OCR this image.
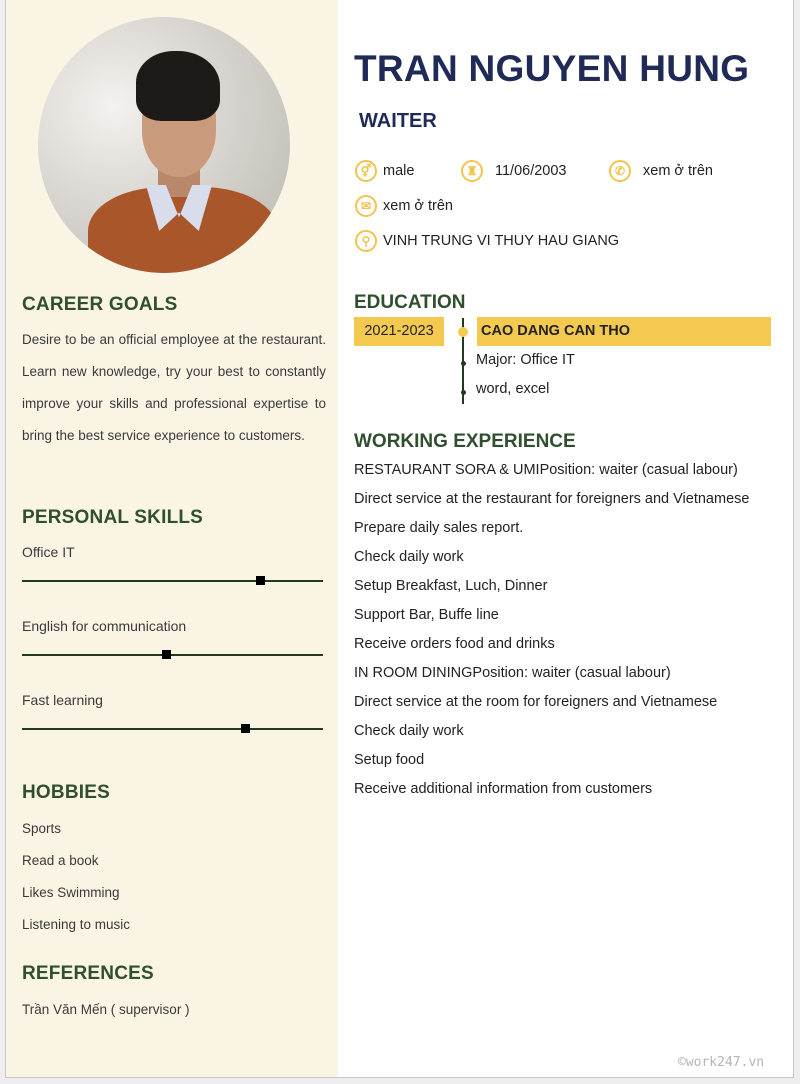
CAREER GOALS
Desire to be an official employee at the restaurant. Learn new knowledge, try your best to constantly improve your skills and professional expertise to bring the best service experience to customers.
PERSONAL SKILLS
Office IT
English for communication
Fast learning
HOBBIES
Sports
Read a book
Likes Swimming
Listening to music
REFERENCES
Trần Văn Mến ( supervisor )
TRAN NGUYEN HUNG
WAITER
⚥ male	♜	11/06/2003	✆	xem ở trên
✉ xem ở trên
⚲ VINH TRUNG VI THUY HAU GIANG
EDUCATION
2021-2023	CAO DANG CAN THO
Major: Office IT
word, excel
WORKING EXPERIENCE
RESTAURANT SORA & UMIPosition: waiter (casual labour)
Direct service at the restaurant for foreigners and Vietnamese
Prepare daily sales report.
Check daily work
Setup Breakfast, Luch, Dinner
Support Bar, Buffe line
Receive orders food and drinks
IN ROOM DININGPosition: waiter (casual labour)
Direct service at the room for foreigners and Vietnamese
Check daily work
Setup food
Receive additional information from customers
©work247.vn
